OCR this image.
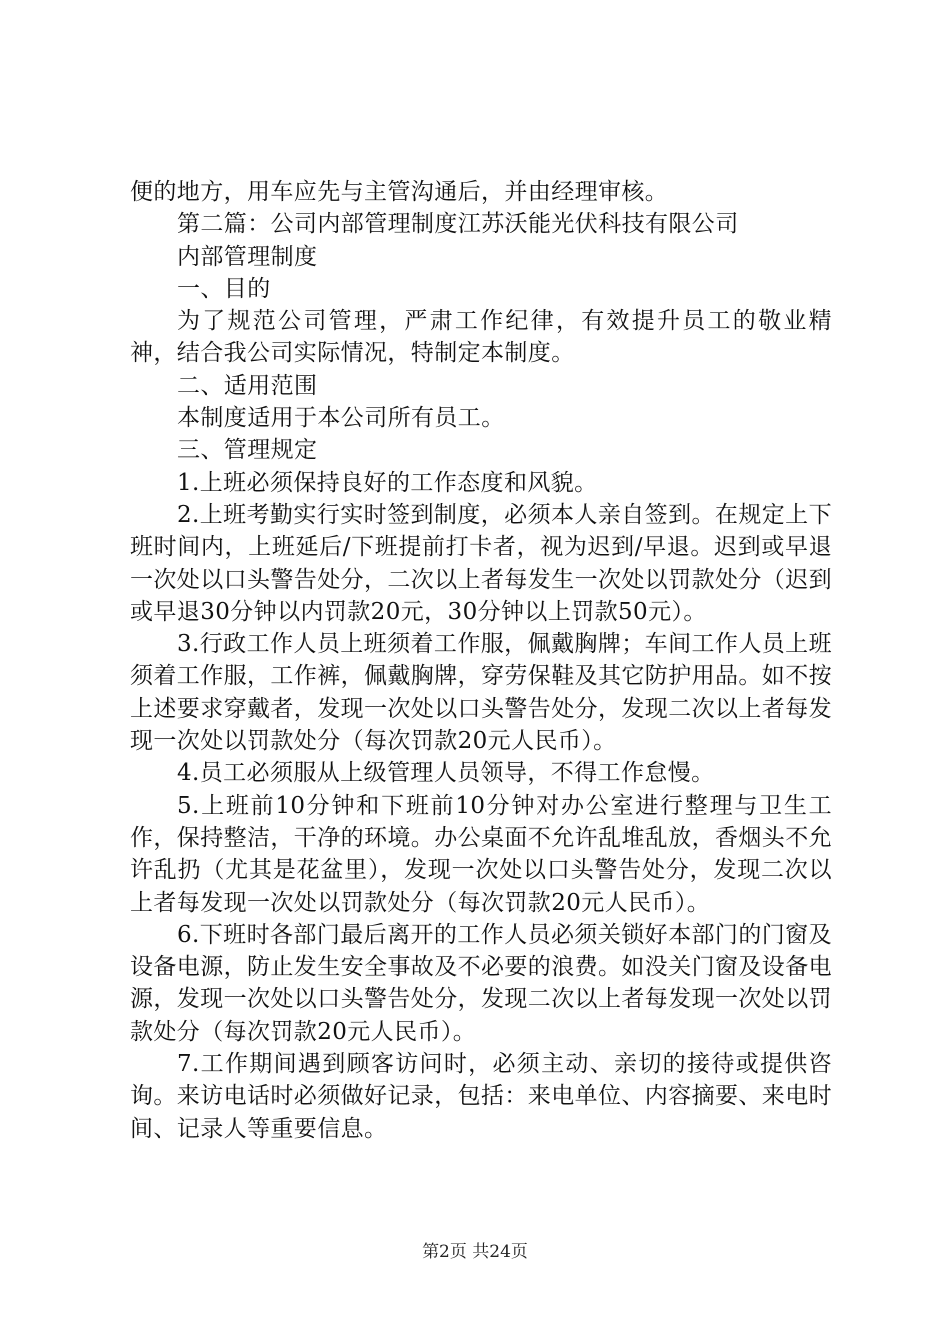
便的地方，用车应先与主管沟通后，并由经理审核。

第二篇：公司内部管理制度江苏沃能光伏科技有限公司

内部管理制度

一、目的

为了规范公司管理，严肃工作纪律，有效提升员工的敬业精神，结合我公司实际情况，特制定本制度。

二、适用范围

本制度适用于本公司所有员工。

三、管理规定

1.上班必须保持良好的工作态度和风貌。

2.上班考勤实行实时签到制度，必须本人亲自签到。在规定上下班时间内，上班延后/下班提前打卡者，视为迟到/早退。迟到或早退一次处以口头警告处分，二次以上者每发生一次处以罚款处分（迟到或早退30分钟以内罚款20元，30分钟以上罚款50元）。

3.行政工作人员上班须着工作服，佩戴胸牌；车间工作人员上班须着工作服，工作裤，佩戴胸牌，穿劳保鞋及其它防护用品。如不按上述要求穿戴者，发现一次处以口头警告处分，发现二次以上者每发现一次处以罚款处分（每次罚款20元人民币）。

4.员工必须服从上级管理人员领导，不得工作怠慢。

5.上班前10分钟和下班前10分钟对办公室进行整理与卫生工作，保持整洁，干净的环境。办公桌面不允许乱堆乱放，香烟头不允许乱扔（尤其是花盆里），发现一次处以口头警告处分，发现二次以上者每发现一次处以罚款处分（每次罚款20元人民币）。

6.下班时各部门最后离开的工作人员必须关锁好本部门的门窗及设备电源，防止发生安全事故及不必要的浪费。如没关门窗及设备电源，发现一次处以口头警告处分，发现二次以上者每发现一次处以罚款处分（每次罚款20元人民币）。

7.工作期间遇到顾客访问时，必须主动、亲切的接待或提供咨询。来访电话时必须做好记录，包括：来电单位、内容摘要、来电时间、记录人等重要信息。

第2页 共24页
